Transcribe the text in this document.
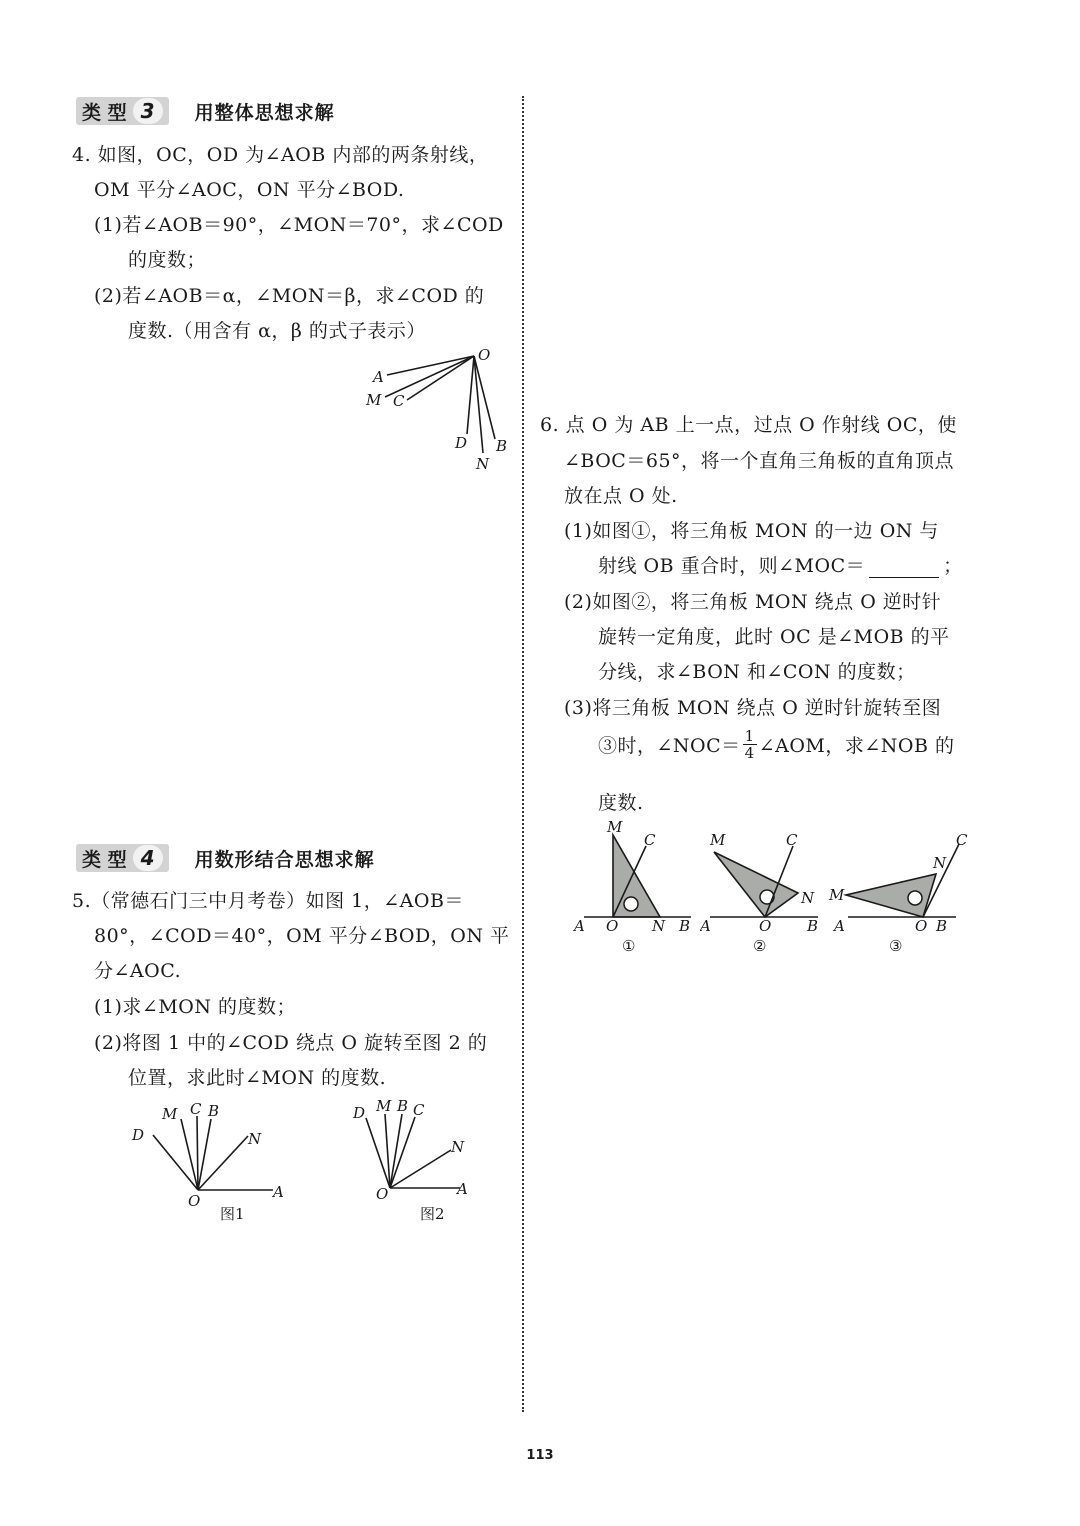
类 型 3	用整体思想求解
4. 如图，OC，OD 为∠AOB 内部的两条射线，
OM 平分∠AOC，ON 平分∠BOD.
(1)若∠AOB＝90°，∠MON＝70°，求∠COD
的度数；
(2)若∠AOB＝α，∠MON＝β，求∠COD 的
度数.（用含有 α，β 的式子表示）
O
A
M C
D
N
B
类 型 4	用数形结合思想求解
5.（常德石门三中月考卷）如图 1，∠AOB＝
80°，∠COD＝40°，OM 平分∠BOD，ON 平
分∠AOC.
(1)求∠MON 的度数；
(2)将图 1 中的∠COD 绕点 O 旋转至图 2 的
位置，求此时∠MON 的度数.
D
M C B
N
O	A
图1
D M B C
N
O	A
图2
6. 点 O 为 AB 上一点，过点 O 作射线 OC，使
∠BOC＝65°，将一个直角三角板的直角顶点
放在点 O 处.
(1)如图①，将三角板 MON 的一边 ON 与
射线 OB 重合时，则∠MOC＝	；
(2)如图②，将三角板 MON 绕点 O 逆时针
旋转一定角度，此时 OC 是∠MOB 的平
分线，求∠BON 和∠CON 的度数；
(3)将三角板 MON 绕点 O 逆时针旋转至图
③时，∠NOC＝ $\frac{1}{4}$ ∠AOM，求∠NOB 的
度数.
M
C
A O N B
①
M	C
N
A	O B
②
C
N
M
A	O B
③
113
